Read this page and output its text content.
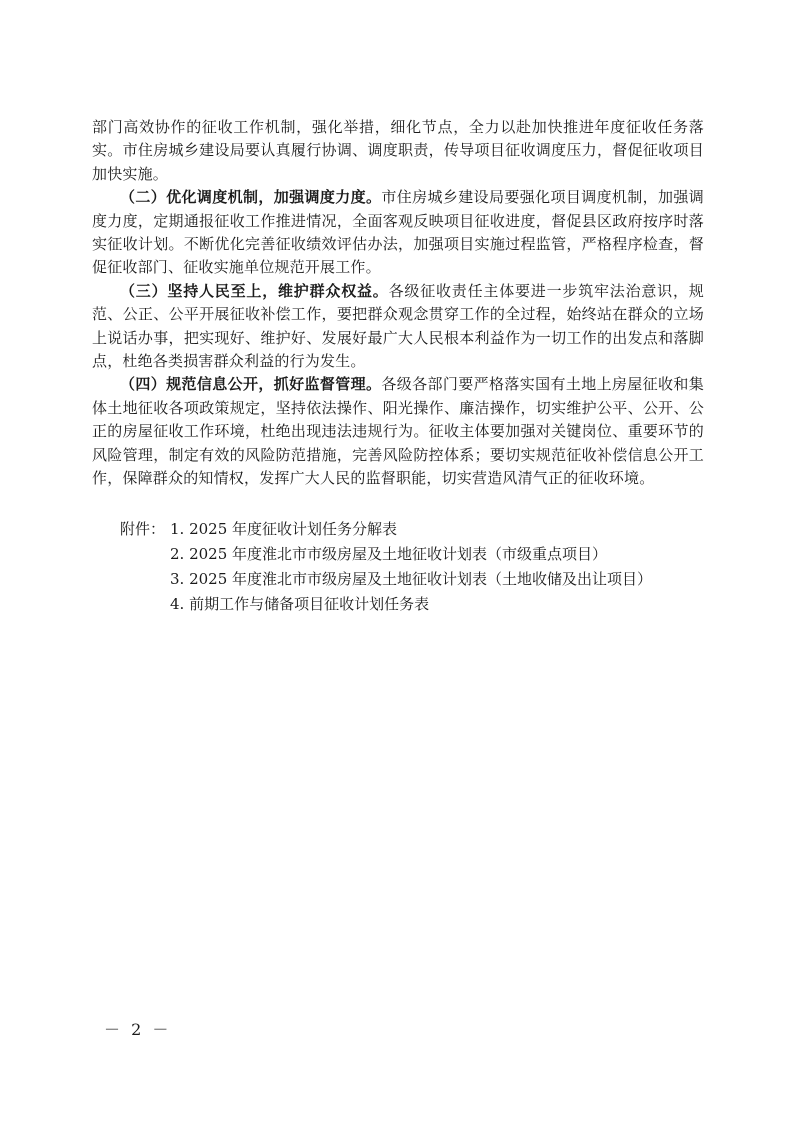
部门高效协作的征收工作机制，强化举措，细化节点，全力以赴加快推进年度征收任务落实。市住房城乡建设局要认真履行协调、调度职责，传导项目征收调度压力，督促征收项目加快实施。

（二）优化调度机制，加强调度力度。市住房城乡建设局要强化项目调度机制，加强调度力度，定期通报征收工作推进情况，全面客观反映项目征收进度，督促县区政府按序时落实征收计划。不断优化完善征收绩效评估办法，加强项目实施过程监管，严格程序检查，督促征收部门、征收实施单位规范开展工作。

（三）坚持人民至上，维护群众权益。各级征收责任主体要进一步筑牢法治意识，规范、公正、公平开展征收补偿工作，要把群众观念贯穿工作的全过程，始终站在群众的立场上说话办事，把实现好、维护好、发展好最广大人民根本利益作为一切工作的出发点和落脚点，杜绝各类损害群众利益的行为发生。

（四）规范信息公开，抓好监督管理。各级各部门要严格落实国有土地上房屋征收和集体土地征收各项政策规定，坚持依法操作、阳光操作、廉洁操作，切实维护公平、公开、公正的房屋征收工作环境，杜绝出现违法违规行为。征收主体要加强对关键岗位、重要环节的风险管理，制定有效的风险防范措施，完善风险防控体系；要切实规范征收补偿信息公开工作，保障群众的知情权，发挥广大人民的监督职能，切实营造风清气正的征收环境。

附件： 1. 2025 年度征收计划任务分解表
2. 2025 年度淮北市市级房屋及土地征收计划表（市级重点项目）
3. 2025 年度淮北市市级房屋及土地征收计划表（土地收储及出让项目）
4. 前期工作与储备项目征收计划任务表
－ 2 －
